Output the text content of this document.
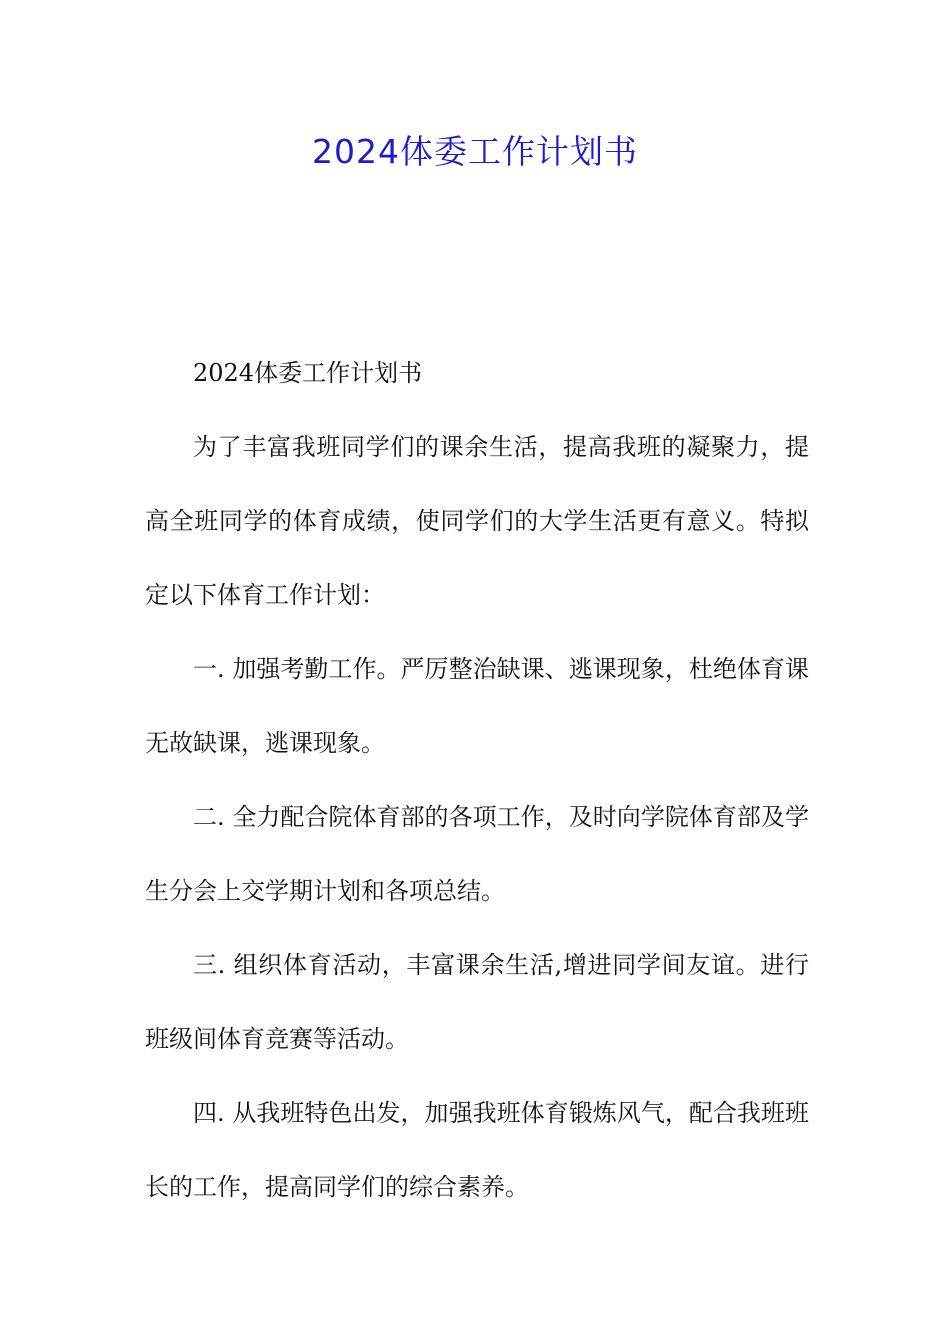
2024体委工作计划书

2024体委工作计划书

为了丰富我班同学们的课余生活，提高我班的凝聚力，提高全班同学的体育成绩，使同学们的大学生活更有意义。特拟定以下体育工作计划：

一. 加强考勤工作。严厉整治缺课、逃课现象，杜绝体育课无故缺课，逃课现象。

二. 全力配合院体育部的各项工作，及时向学院体育部及学生分会上交学期计划和各项总结。

三. 组织体育活动，丰富课余生活,增进同学间友谊。进行班级间体育竞赛等活动。

四. 从我班特色出发，加强我班体育锻炼风气，配合我班班长的工作，提高同学们的综合素养。
